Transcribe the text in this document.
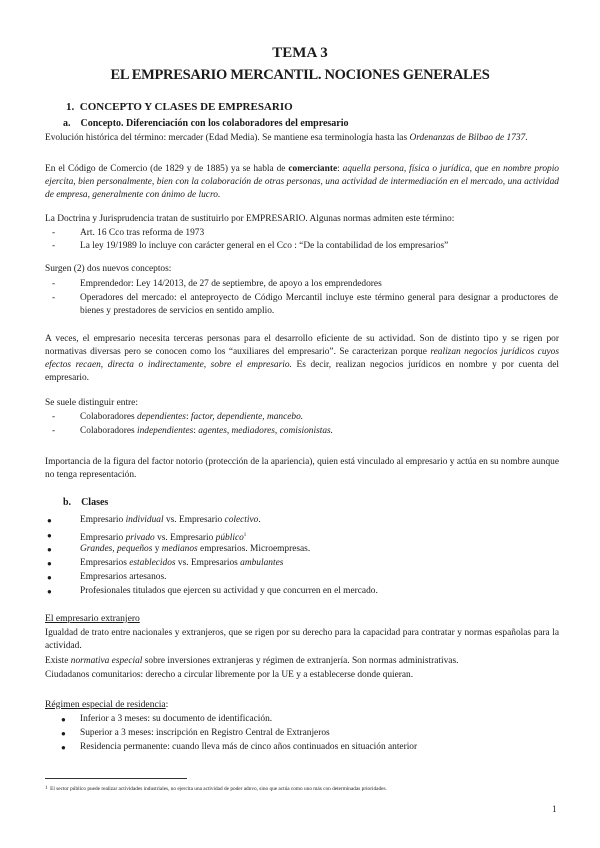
TEMA 3
EL EMPRESARIO MERCANTIL. NOCIONES GENERALES
1. CONCEPTO Y CLASES DE EMPRESARIO
a. Concepto. Diferenciación con los colaboradores del empresario

Evolución histórica del término: mercader (Edad Media). Se mantiene esa terminología hasta las Ordenanzas de Bilbao de 1737.

En el Código de Comercio (de 1829 y de 1885) ya se habla de comerciante: aquella persona, física o jurídica, que en nombre propio ejercita, bien personalmente, bien con la colaboración de otras personas, una actividad de intermediación en el mercado, una actividad de empresa, generalmente con ánimo de lucro.

La Doctrina y Jurisprudencia tratan de sustituirlo por EMPRESARIO. Algunas normas admiten este término:

-	Art. 16 Cco tras reforma de 1973

-	La ley 19/1989 lo incluye con carácter general en el Cco : “De la contabilidad de los empresarios”

Surgen (2) dos nuevos conceptos:

-	Emprendedor: Ley 14/2013, de 27 de septiembre, de apoyo a los emprendedores

-	Operadores del mercado: el anteproyecto de Código Mercantil incluye este término general para designar a productores de bienes y prestadores de servicios en sentido amplio.

A veces, el empresario necesita terceras personas para el desarrollo eficiente de su actividad. Son de distinto tipo y se rigen por normativas diversas pero se conocen como los “auxiliares del empresario”. Se caracterizan porque realizan negocios jurídicos cuyos efectos recaen, directa o indirectamente, sobre el empresario. Es decir, realizan negocios jurídicos en nombre y por cuenta del empresario.

Se suele distinguir entre:

-	Colaboradores dependientes: factor, dependiente, mancebo.

-	Colaboradores independientes: agentes, mediadores, comisionistas.

Importancia de la figura del factor notorio (protección de la apariencia), quien está vinculado al empresario y actúa en su nombre aunque no tenga representación.

b. Clases
●	Empresario individual vs. Empresario colectivo.

●	Empresario privado vs. Empresario público$^1$

●	Grandes, pequeños y medianos empresarios. Microempresas.

●	Empresarios establecidos vs. Empresarios ambulantes

●	Empresarios artesanos.

●	Profesionales titulados que ejercen su actividad y que concurren en el mercado.

El empresario extranjero

Igualdad de trato entre nacionales y extranjeros, que se rigen por su derecho para la capacidad para contratar y normas españolas para la actividad.

Existe normativa especial sobre inversiones extranjeras y régimen de extranjería. Son normas administrativas.

Ciudadanos comunitarios: derecho a circular libremente por la UE y a establecerse donde quieran.

Régimen especial de residencia:
● Inferior a 3 meses: su documento de identificación.

● Superior a 3 meses: inscripción en Registro Central de Extranjeros

● Residencia permanente: cuando lleva más de cinco años continuados en situación anterior

$^1$ El sector público puede realizar actividades industriales, no ejercita una actividad de poder adnvo, sino que actúa como uno más con determinadas prioridades.
1
